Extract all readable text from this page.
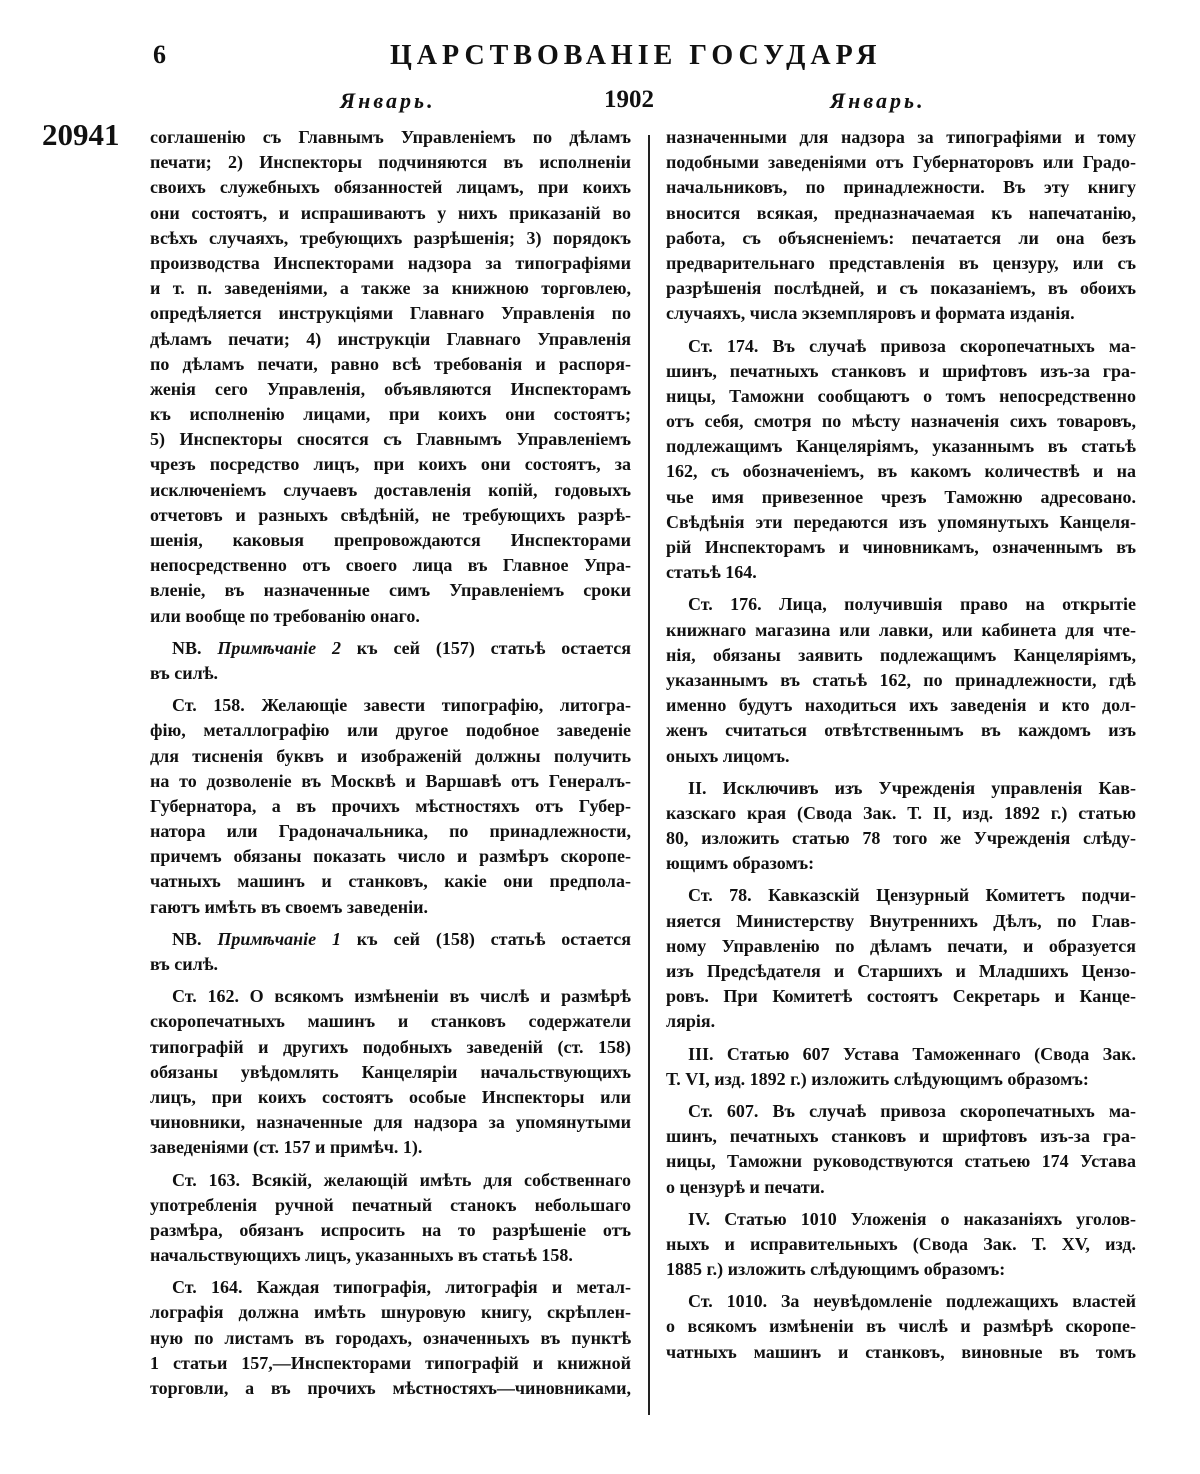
6	ЦАРСТВОВАНІЕ ГОСУДАРЯ
Январь.	1902	Январь.
20941 соглашенію съ Главнымъ Управленіемъ по дѣламъ
печати; 2) Инспекторы подчиняются въ исполненіи
своихъ служебныхъ обязанностей лицамъ, при коихъ
они состоятъ, и испрашиваютъ у нихъ приказаній во
всѣхъ случаяхъ, требующихъ разрѣшенія; 3) порядокъ
производства Инспекторами надзора за типографіями
и т. п. заведеніями, а также за книжною торговлею,
опредѣляется инструкціями Главнаго Управленія по
дѣламъ печати; 4) инструкціи Главнаго Управленія
по дѣламъ печати, равно всѣ требованія и распоря-
женія сего Управленія, объявляются Инспекторамъ
къ исполненію лицами, при коихъ они состоятъ;
5) Инспекторы сносятся съ Главнымъ Управленіемъ
чрезъ посредство лицъ, при коихъ они состоятъ, за
исключеніемъ случаевъ доставленія копій, годовыхъ
отчетовъ и разныхъ свѣдѣній, не требующихъ разрѣ-
шенія, каковыя препровождаются Инспекторами
непосредственно отъ своего лица въ Главное Упра-
вленіе, въ назначенные симъ Управленіемъ сроки
или вообще по требованію онаго.
NB. Примѣчаніе 2 къ сей (157) статьѣ остается
въ силѣ.
Ст. 158. Желающіе завести типографію, литогра-
фію, металлографію или другое подобное заведеніе
для тисненія буквъ и изображеній должны получить
на то дозволеніе въ Москвѣ и Варшавѣ отъ Генералъ-
Губернатора, а въ прочихъ мѣстностяхъ отъ Губер-
натора или Градоначальника, по принадлежности,
причемъ обязаны показать число и размѣръ скоропе-
чатныхъ машинъ и станковъ, какіе они предпола-
гаютъ имѣть въ своемъ заведеніи.
NB. Примѣчаніе 1 къ сей (158) статьѣ остается
въ силѣ.
Ст. 162. О всякомъ измѣненіи въ числѣ и размѣрѣ
скоропечатныхъ машинъ и станковъ содержатели
типографій и другихъ подобныхъ заведеній (ст. 158)
обязаны увѣдомлять Канцеляріи начальствующихъ
лицъ, при коихъ состоятъ особые Инспекторы или
чиновники, назначенные для надзора за упомянутыми
заведеніями (ст. 157 и примѣч. 1).
Ст. 163. Всякій, желающій имѣть для собственнаго
употребленія ручной печатный станокъ небольшаго
размѣра, обязанъ испросить на то разрѣшеніе отъ
начальствующихъ лицъ, указанныхъ въ статьѣ 158.
Ст. 164. Каждая типографія, литографія и метал-
лографія должна имѣть шнуровую книгу, скрѣплен-
ную по листамъ въ городахъ, означенныхъ въ пунктѣ
1 статьи 157,—Инспекторами типографій и книжной
торговли, а въ прочихъ мѣстностяхъ—чиновниками,
назначенными для надзора за типографіями и тому
подобными заведеніями отъ Губернаторовъ или Градо-
начальниковъ, по принадлежности. Въ эту книгу
вносится всякая, предназначаемая къ напечатанію,
работа, съ объясненіемъ: печатается ли она безъ
предварительнаго представленія въ цензуру, или съ
разрѣшенія послѣдней, и съ показаніемъ, въ обоихъ
случаяхъ, числа экземпляровъ и формата изданія.
Ст. 174. Въ случаѣ привоза скоропечатныхъ ма-
шинъ, печатныхъ станковъ и шрифтовъ изъ-за гра-
ницы, Таможни сообщаютъ о томъ непосредственно
отъ себя, смотря по мѣсту назначенія сихъ товаровъ,
подлежащимъ Канцеляріямъ, указаннымъ въ статьѣ
162, съ обозначеніемъ, въ какомъ количествѣ и на
чье имя привезенное чрезъ Таможню адресовано.
Свѣдѣнія эти передаются изъ упомянутыхъ Канцеля-
рій Инспекторамъ и чиновникамъ, означеннымъ въ
статьѣ 164.
Ст. 176. Лица, получившія право на открытіе
книжнаго магазина или лавки, или кабинета для чте-
нія, обязаны заявить подлежащимъ Канцеляріямъ,
указаннымъ въ статьѣ 162, по принадлежности, гдѣ
именно будутъ находиться ихъ заведенія и кто дол-
женъ считаться отвѣтственнымъ въ каждомъ изъ
оныхъ лицомъ.
II. Исключивъ изъ Учрежденія управленія Кав-
казскаго края (Свода Зак. Т. II, изд. 1892 г.) статью
80, изложить статью 78 того же Учрежденія слѣду-
ющимъ образомъ:
Ст. 78. Кавказскій Цензурный Комитетъ подчи-
няется Министерству Внутреннихъ Дѣлъ, по Глав-
ному Управленію по дѣламъ печати, и образуется
изъ Предсѣдателя и Старшихъ и Младшихъ Цензо-
ровъ. При Комитетѣ состоятъ Секретарь и Канце-
лярія.
III. Статью 607 Устава Таможеннаго (Свода Зак.
Т. VI, изд. 1892 г.) изложить слѣдующимъ образомъ:
Ст. 607. Въ случаѣ привоза скоропечатныхъ ма-
шинъ, печатныхъ станковъ и шрифтовъ изъ-за гра-
ницы, Таможни руководствуются статьею 174 Устава
о цензурѣ и печати.
IV. Статью 1010 Уложенія о наказаніяхъ уголов-
ныхъ и исправительныхъ (Свода Зак. Т. XV, изд.
1885 г.) изложить слѣдующимъ образомъ:
Ст. 1010. За неувѣдомленіе подлежащихъ властей
о всякомъ измѣненіи въ числѣ и размѣрѣ скоропе-
чатныхъ машинъ и станковъ, виновные въ томъ
